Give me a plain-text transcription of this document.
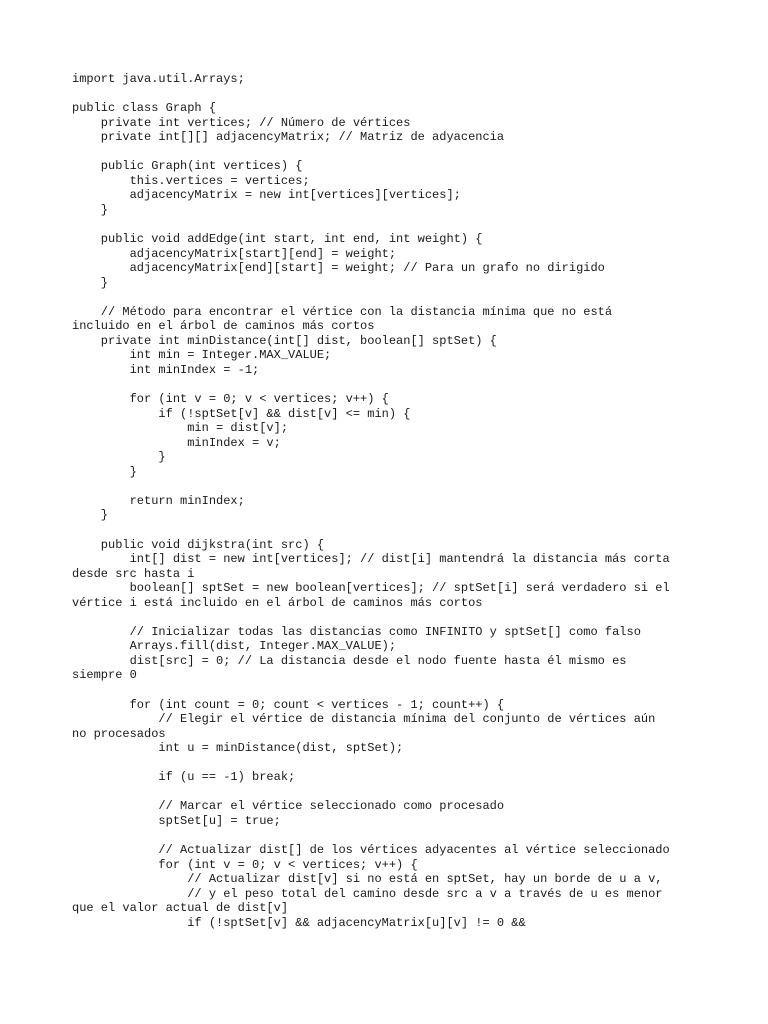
import java.util.Arrays;

public class Graph {
private int vertices; // Número de vértices
private int[][] adjacencyMatrix; // Matriz de adyacencia

public Graph(int vertices) {
this.vertices = vertices;
adjacencyMatrix = new int[vertices][vertices];
}

public void addEdge(int start, int end, int weight) {
adjacencyMatrix[start][end] = weight;
adjacencyMatrix[end][start] = weight; // Para un grafo no dirigido
}

// Método para encontrar el vértice con la distancia mínima que no está
incluido en el árbol de caminos más cortos
private int minDistance(int[] dist, boolean[] sptSet) {
int min = Integer.MAX_VALUE;
int minIndex = -1;

for (int v = 0; v < vertices; v++) {
if (!sptSet[v] && dist[v] <= min) {
min = dist[v];
minIndex = v;
}
}

return minIndex;
}

public void dijkstra(int src) {
int[] dist = new int[vertices]; // dist[i] mantendrá la distancia más corta
desde src hasta i
boolean[] sptSet = new boolean[vertices]; // sptSet[i] será verdadero si el
vértice i está incluido en el árbol de caminos más cortos

// Inicializar todas las distancias como INFINITO y sptSet[] como falso
Arrays.fill(dist, Integer.MAX_VALUE);
dist[src] = 0; // La distancia desde el nodo fuente hasta él mismo es
siempre 0

for (int count = 0; count < vertices - 1; count++) {
// Elegir el vértice de distancia mínima del conjunto de vértices aún
no procesados
int u = minDistance(dist, sptSet);

if (u == -1) break;

// Marcar el vértice seleccionado como procesado
sptSet[u] = true;

// Actualizar dist[] de los vértices adyacentes al vértice seleccionado
for (int v = 0; v < vertices; v++) {
// Actualizar dist[v] si no está en sptSet, hay un borde de u a v,
// y el peso total del camino desde src a v a través de u es menor
que el valor actual de dist[v]
if (!sptSet[v] && adjacencyMatrix[u][v] != 0 &&
